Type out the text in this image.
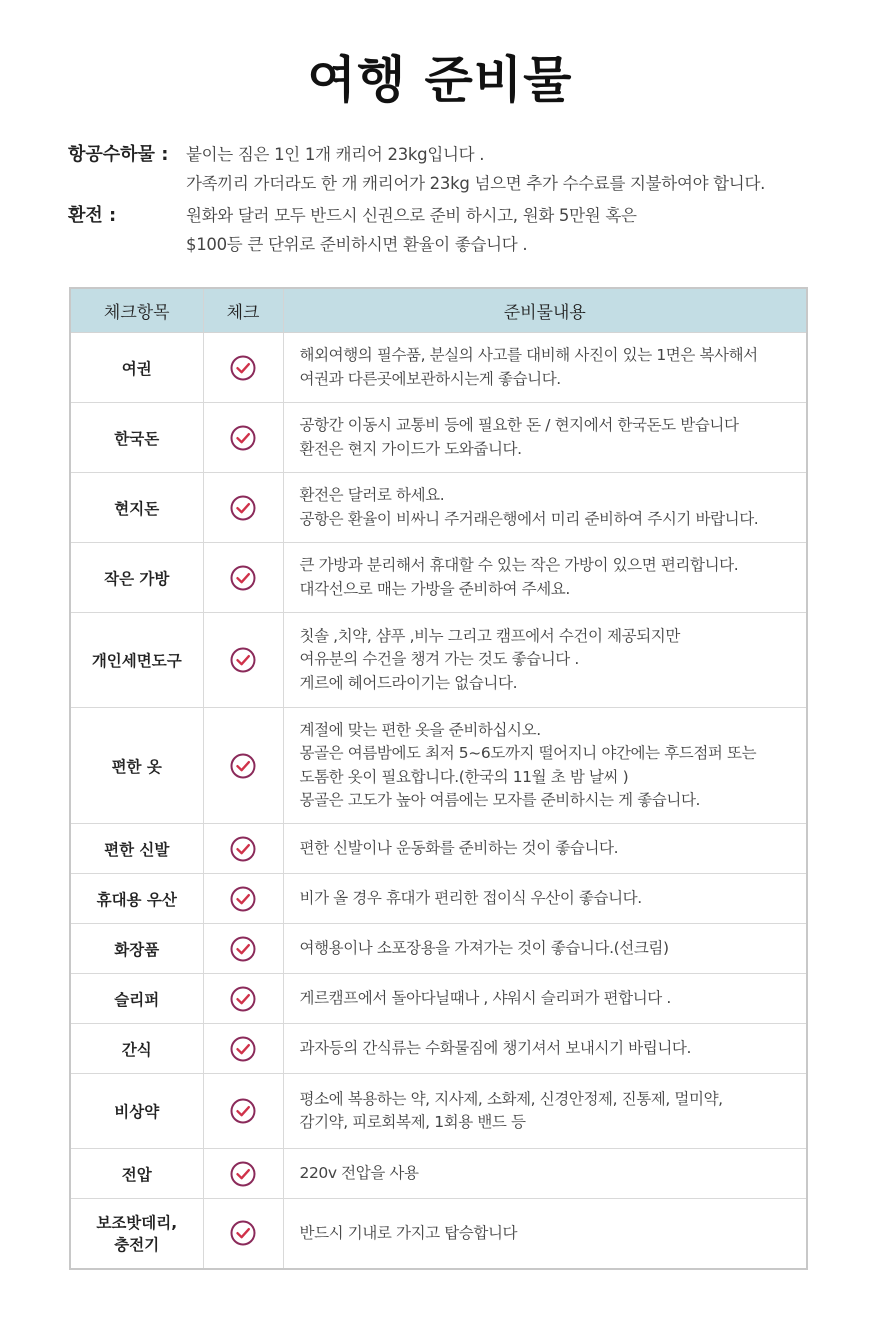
여행 준비물
항공수하물 :	붙이는 짐은 1인 1개 캐리어 23kg입니다 .
가족끼리 가더라도 한 개 캐리어가 23kg 넘으면 추가 수수료를 지불하여야 합니다.
환전 :	원화와 달러 모두 반드시 신권으로 준비 하시고, 원화 5만원 혹은
$100등 큰 단위로 준비하시면 환율이 좋습니다 .
체크항목	체크	준비물내용
여권		해외여행의 필수품, 분실의 사고를 대비해 사진이 있는 1면은 복사해서
여권과 다른곳에보관하시는게 좋습니다.

한국돈		공항간 이동시 교통비 등에 필요한 돈 / 현지에서 한국돈도 받습니다
환전은 현지 가이드가 도와줍니다.

현지돈		환전은 달러로 하세요.
공항은 환율이 비싸니 주거래은행에서 미리 준비하여 주시기 바랍니다.

작은 가방		큰 가방과 분리해서 휴대할 수 있는 작은 가방이 있으면 편리합니다.
대각선으로 매는 가방을 준비하여 주세요.

개인세면도구		칫솔 ,치약, 샴푸 ,비누 그리고 캠프에서 수건이 제공되지만
여유분의 수건을 챙겨 가는 것도 좋습니다 .
게르에 헤어드라이기는 없습니다.

편한 옷		계절에 맞는 편한 옷을 준비하십시오.
몽골은 여름밤에도 최저 5~6도까지 떨어지니 야간에는 후드점퍼 또는
도톰한 옷이 필요합니다.(한국의 11월 초 밤 날씨 )
몽골은 고도가 높아 여름에는 모자를 준비하시는 게 좋습니다.

편한 신발		편한 신발이나 운동화를 준비하는 것이 좋습니다.

휴대용 우산		비가 올 경우 휴대가 편리한 접이식 우산이 좋습니다.

화장품		여행용이나 소포장용을 가져가는 것이 좋습니다.(선크림)

슬리퍼		게르캠프에서 돌아다닐때나 , 샤워시 슬리퍼가 편합니다 .

간식		과자등의 간식류는 수화물짐에 챙기셔서 보내시기 바립니다.

비상약		평소에 복용하는 약, 지사제, 소화제, 신경안정제, 진통제, 멀미약,
감기약, 피로회복제, 1회용 밴드 등

전압		220v 전압을 사용

보조밧데리,
충전기		반드시 기내로 가지고 탑승합니다
